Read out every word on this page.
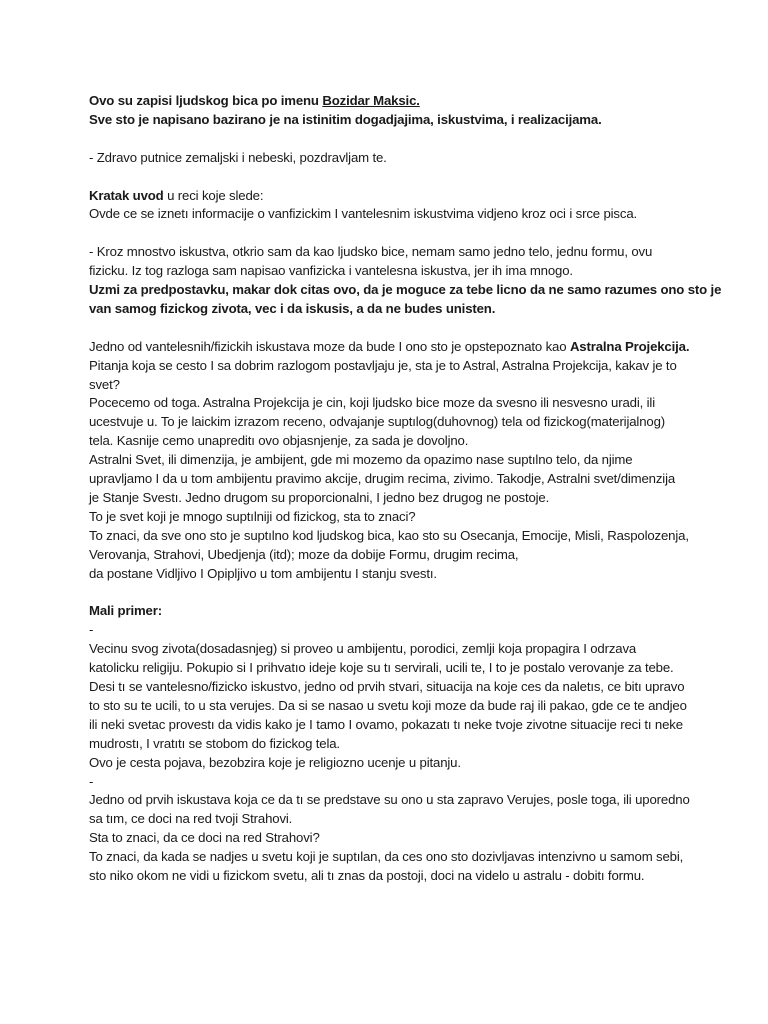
Ovo su zapisi ljudskog bica po imenu Bozidar Maksic.
Sve sto je napisano bazirano je na istinitim dogadjajima, iskustvima, i realizacijama.
- Zdravo putnice zemaljski i nebeski, pozdravljam te.
Kratak uvod u reci koje slede:
Ovde ce se iznetı informacije o vanfizickim I vantelesnim iskustvima vidjeno kroz oci i srce pisca.
- Kroz mnostvo iskustva, otkrio sam da kao ljudsko bice, nemam samo jedno telo, jednu formu, ovu
fizicku. Iz tog razloga sam napisao vanfizicka i vantelesna iskustva, jer ih ima mnogo.
Uzmi za predpostavku, makar dok citas ovo, da je moguce za tebe licno da ne samo razumes ono sto je
van samog fizickog zivota, vec i da iskusis, a da ne budes unisten.
Jedno od vantelesnih/fizickih iskustava moze da bude I ono sto je opstepoznato kao Astralna Projekcija.
Pitanja koja se cesto I sa dobrim razlogom postavljaju je, sta je to Astral, Astralna Projekcija, kakav je to
svet?
Pocecemo od toga. Astralna Projekcija je cin, koji ljudsko bice moze da svesno ili nesvesno uradi, ili
ucestvuje u. To je laickim izrazom receno, odvajanje suptılog(duhovnog) tela od fizickog(materijalnog)
tela. Kasnije cemo unapreditı ovo objasnjenje, za sada je dovoljno.
Astralni Svet, ili dimenzija, je ambijent, gde mi mozemo da opazimo nase suptılno telo, da njime
upravljamo I da u tom ambijentu pravimo akcije, drugim recima, zivimo. Takodje, Astralni svet/dimenzija
je Stanje Svestı. Jedno drugom su proporcionalni, I jedno bez drugog ne postoje.
To je svet koji je mnogo suptılniji od fizickog, sta to znaci?
To znaci, da sve ono sto je suptılno kod ljudskog bica, kao sto su Osecanja, Emocije, Misli, Raspolozenja,
Verovanja, Strahovi, Ubedjenja (itd); moze da dobije Formu, drugim recima,
da postane Vidljivo I Opipljivo u tom ambijentu I stanju svestı.
Mali primer:
-
Vecinu svog zivota(dosadasnjeg) si proveo u ambijentu, porodici, zemlji koja propagira I odrzava
katolicku religiju. Pokupio si I prihvatıo ideje koje su tı servirali, ucili te, I to je postalo verovanje za tebe.
Desi tı se vantelesno/fizicko iskustvo, jedno od prvih stvari, situacija na koje ces da naletıs, ce bitı upravo
to sto su te ucili, to u sta verujes. Da si se nasao u svetu koji moze da bude raj ili pakao, gde ce te andjeo
ili neki svetac provestı da vidis kako je I tamo I ovamo, pokazatı tı neke tvoje zivotne situacije reci tı neke
mudrostı, I vratıtı se stobom do fizickog tela.
Ovo je cesta pojava, bezobzira koje je religiozno ucenje u pitanju.
-
Jedno od prvih iskustava koja ce da tı se predstave su ono u sta zapravo Verujes, posle toga, ili uporedno
sa tım, ce doci na red tvoji Strahovi.
Sta to znaci, da ce doci na red Strahovi?
To znaci, da kada se nadjes u svetu koji je suptılan, da ces ono sto dozivljavas intenzivno u samom sebi,
sto niko okom ne vidi u fizickom svetu, ali tı znas da postoji, doci na videlo u astralu - dobitı formu.
